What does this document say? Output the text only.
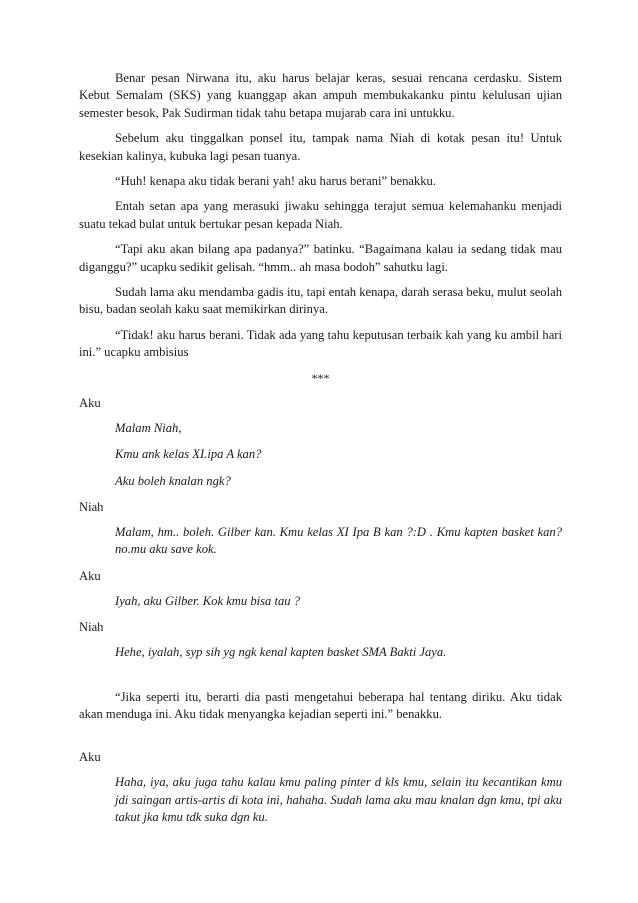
Benar pesan Nirwana itu, aku harus belajar keras, sesuai rencana cerdasku. Sistem Kebut Semalam (SKS) yang kuanggap akan ampuh membukakanku pintu kelulusan ujian semester besok, Pak Sudirman tidak tahu betapa mujarab cara ini untukku.

Sebelum aku tinggalkan ponsel itu, tampak nama Niah di kotak pesan itu! Untuk kesekian kalinya, kubuka lagi pesan tuanya.

“Huh! kenapa aku tidak berani yah! aku harus berani” benakku.

Entah setan apa yang merasuki jiwaku sehingga terajut semua kelemahanku menjadi suatu tekad bulat untuk bertukar pesan kepada Niah.

“Tapi aku akan bilang apa padanya?” batinku. “Bagaimana kalau ia sedang tidak mau diganggu?” ucapku sedikit gelisah. “hmm.. ah masa bodoh” sahutku lagi.

Sudah lama aku mendamba gadis itu, tapi entah kenapa, darah serasa beku, mulut seolah bisu, badan seolah kaku saat memikirkan dirinya.

“Tidak! aku harus berani. Tidak ada yang tahu keputusan terbaik kah yang ku ambil hari ini.” ucapku ambisius

***
Aku
Malam Niah,
Kmu ank kelas XI.ipa A kan?
Aku boleh knalan ngk?
Niah
Malam, hm.. boleh. Gilber kan. Kmu kelas XI Ipa B kan ?:D . Kmu kapten basket kan? no.mu aku save kok.
Aku
Iyah, aku Gilber. Kok kmu bisa tau ?
Niah
Hehe, iyalah, syp sih yg ngk kenal kapten basket SMA Bakti Jaya.

“Jika seperti itu, berarti dia pasti mengetahui beberapa hal tentang diriku. Aku tidak akan menduga ini. Aku tidak menyangka kejadian seperti ini.” benakku.

Aku
Haha, iya, aku juga tahu kalau kmu paling pinter d kls kmu, selain itu kecantikan kmu jdi saingan artis-artis di kota ini, hahaha. Sudah lama aku mau knalan dgn kmu, tpi aku takut jka kmu tdk suka dgn ku.
